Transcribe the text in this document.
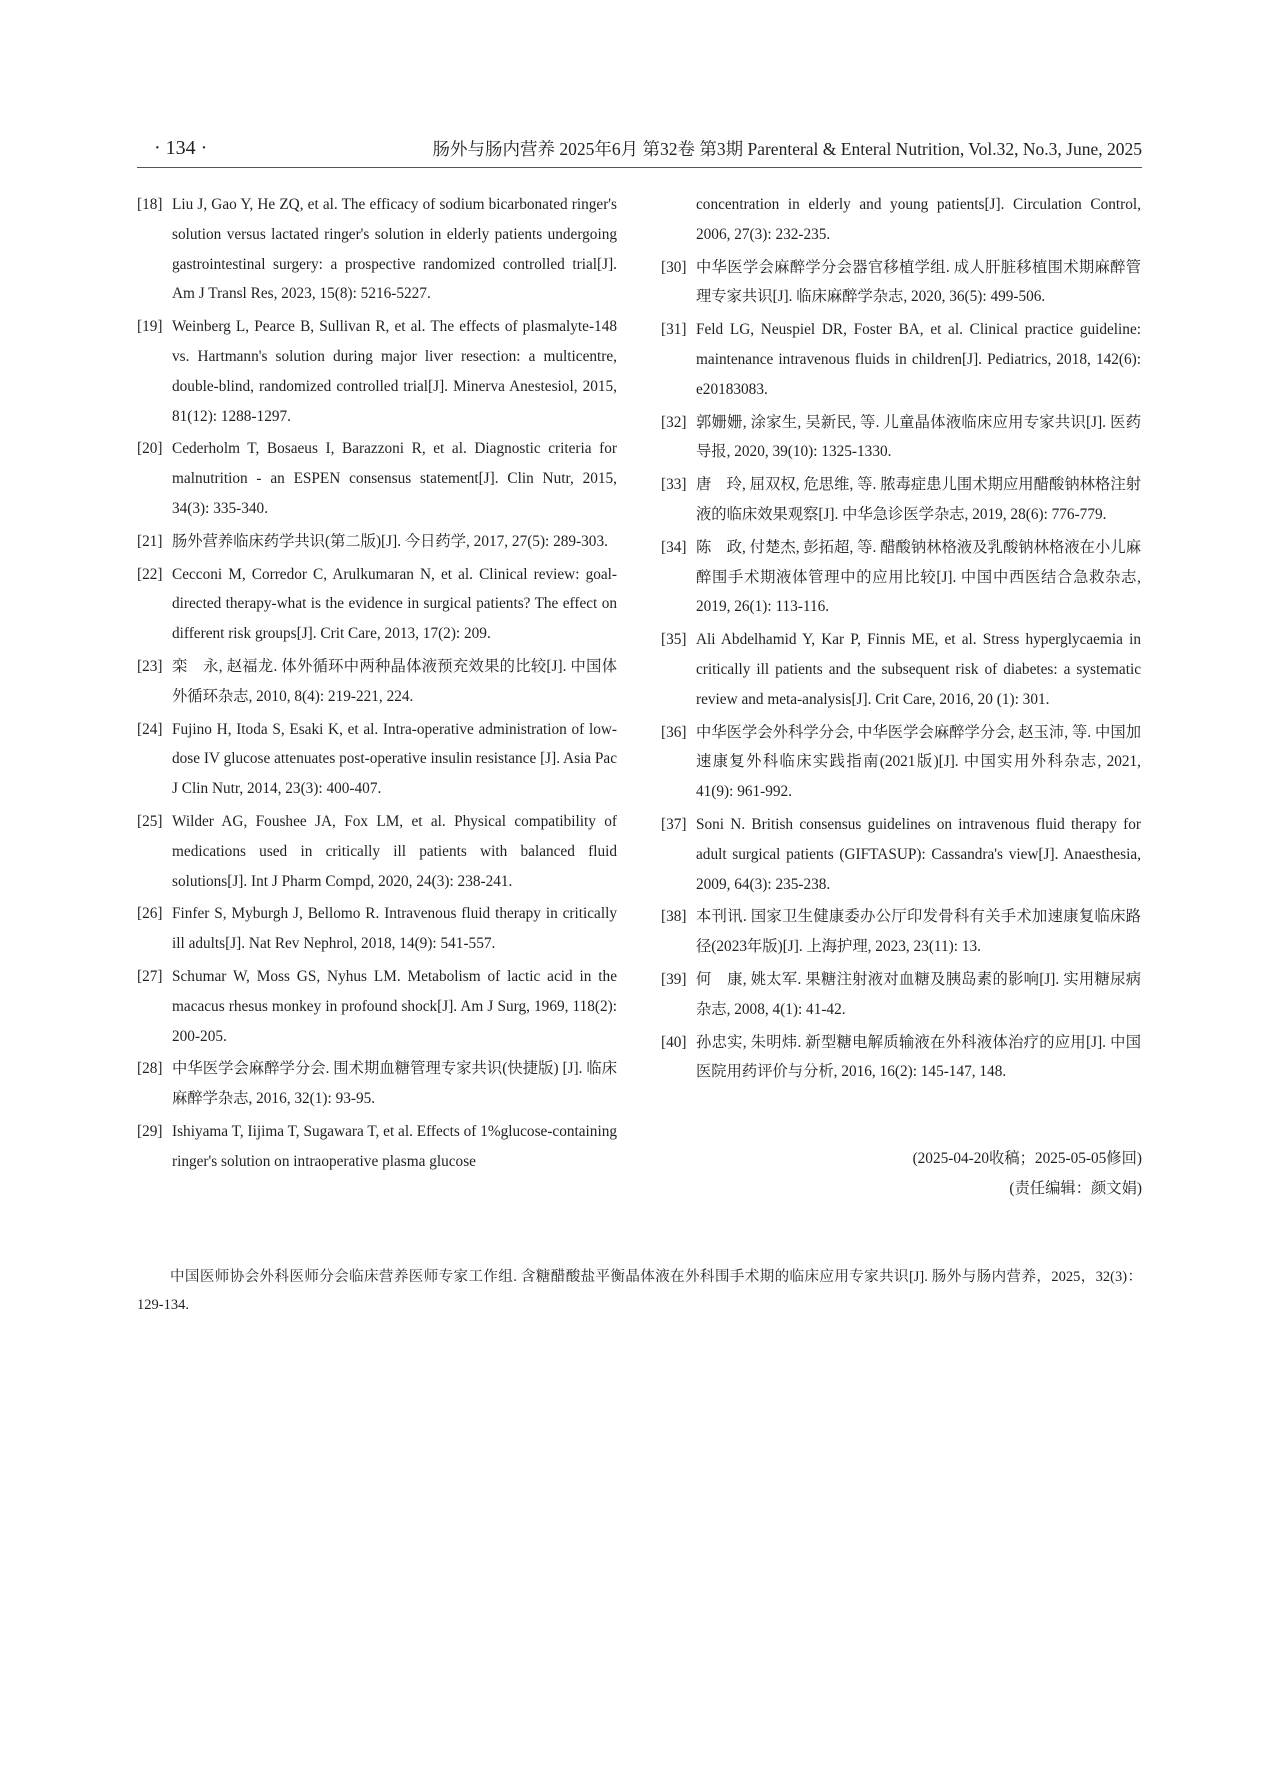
· 134 ·	肠外与肠内营养 2025年6月 第32卷 第3期 Parenteral & Enteral Nutrition, Vol.32, No.3, June, 2025
[18] Liu J, Gao Y, He ZQ, et al. The efficacy of sodium bicarbonated ringer's solution versus lactated ringer's solution in elderly patients undergoing gastrointestinal surgery: a prospective randomized controlled trial[J]. Am J Transl Res, 2023, 15(8): 5216-5227.
[19] Weinberg L, Pearce B, Sullivan R, et al. The effects of plasmalyte-148 vs. Hartmann's solution during major liver resection: a multicentre, double-blind, randomized controlled trial[J]. Minerva Anestesiol, 2015, 81(12): 1288-1297.
[20] Cederholm T, Bosaeus I, Barazzoni R, et al. Diagnostic criteria for malnutrition - an ESPEN consensus statement[J]. Clin Nutr, 2015, 34(3): 335-340.
[21] 肠外营养临床药学共识(第二版)[J]. 今日药学, 2017, 27(5): 289-303.
[22] Cecconi M, Corredor C, Arulkumaran N, et al. Clinical review: goal-directed therapy-what is the evidence in surgical patients? The effect on different risk groups[J]. Crit Care, 2013, 17(2): 209.
[23] 栾　永, 赵福龙. 体外循环中两种晶体液预充效果的比较[J]. 中国体外循环杂志, 2010, 8(4): 219-221, 224.
[24] Fujino H, Itoda S, Esaki K, et al. Intra-operative administration of low-dose IV glucose attenuates post-operative insulin resistance [J]. Asia Pac J Clin Nutr, 2014, 23(3): 400-407.
[25] Wilder AG, Foushee JA, Fox LM, et al. Physical compatibility of medications used in critically ill patients with balanced fluid solutions[J]. Int J Pharm Compd, 2020, 24(3): 238-241.
[26] Finfer S, Myburgh J, Bellomo R. Intravenous fluid therapy in critically ill adults[J]. Nat Rev Nephrol, 2018, 14(9): 541-557.
[27] Schumar W, Moss GS, Nyhus LM. Metabolism of lactic acid in the macacus rhesus monkey in profound shock[J]. Am J Surg, 1969, 118(2): 200-205.
[28] 中华医学会麻醉学分会. 围术期血糖管理专家共识(快捷版) [J]. 临床麻醉学杂志, 2016, 32(1): 93-95.
[29] Ishiyama T, Iijima T, Sugawara T, et al. Effects of 1%glucose-containing ringer's solution on intraoperative plasma glucose
concentration in elderly and young patients[J]. Circulation Control, 2006, 27(3): 232-235.
[30] 中华医学会麻醉学分会器官移植学组. 成人肝脏移植围术期麻醉管理专家共识[J]. 临床麻醉学杂志, 2020, 36(5): 499-506.
[31] Feld LG, Neuspiel DR, Foster BA, et al. Clinical practice guideline: maintenance intravenous fluids in children[J]. Pediatrics, 2018, 142(6): e20183083.
[32] 郭姗姗, 涂家生, 吴新民, 等. 儿童晶体液临床应用专家共识[J]. 医药导报, 2020, 39(10): 1325-1330.
[33] 唐　玲, 屈双权, 危思维, 等. 脓毒症患儿围术期应用醋酸钠林格注射液的临床效果观察[J]. 中华急诊医学杂志, 2019, 28(6): 776-779.
[34] 陈　政, 付楚杰, 彭拓超, 等. 醋酸钠林格液及乳酸钠林格液在小儿麻醉围手术期液体管理中的应用比较[J]. 中国中西医结合急救杂志, 2019, 26(1): 113-116.
[35] Ali Abdelhamid Y, Kar P, Finnis ME, et al. Stress hyperglycaemia in critically ill patients and the subsequent risk of diabetes: a systematic review and meta-analysis[J]. Crit Care, 2016, 20 (1): 301.
[36] 中华医学会外科学分会, 中华医学会麻醉学分会, 赵玉沛, 等. 中国加速康复外科临床实践指南(2021版)[J]. 中国实用外科杂志, 2021, 41(9): 961-992.
[37] Soni N. British consensus guidelines on intravenous fluid therapy for adult surgical patients (GIFTASUP): Cassandra's view[J]. Anaesthesia, 2009, 64(3): 235-238.
[38] 本刊讯. 国家卫生健康委办公厅印发骨科有关手术加速康复临床路径(2023年版)[J]. 上海护理, 2023, 23(11): 13.
[39] 何　康, 姚太军. 果糖注射液对血糖及胰岛素的影响[J]. 实用糖尿病杂志, 2008, 4(1): 41-42.
[40] 孙忠实, 朱明炜. 新型糖电解质输液在外科液体治疗的应用[J]. 中国医院用药评价与分析, 2016, 16(2): 145-147, 148.
(2025-04-20收稿；2025-05-05修回)
(责任编辑：颜文娟)
中国医师协会外科医师分会临床营养医师专家工作组. 含糖醋酸盐平衡晶体液在外科围手术期的临床应用专家共识[J]. 肠外与肠内营养，2025，32(3)：129-134.
